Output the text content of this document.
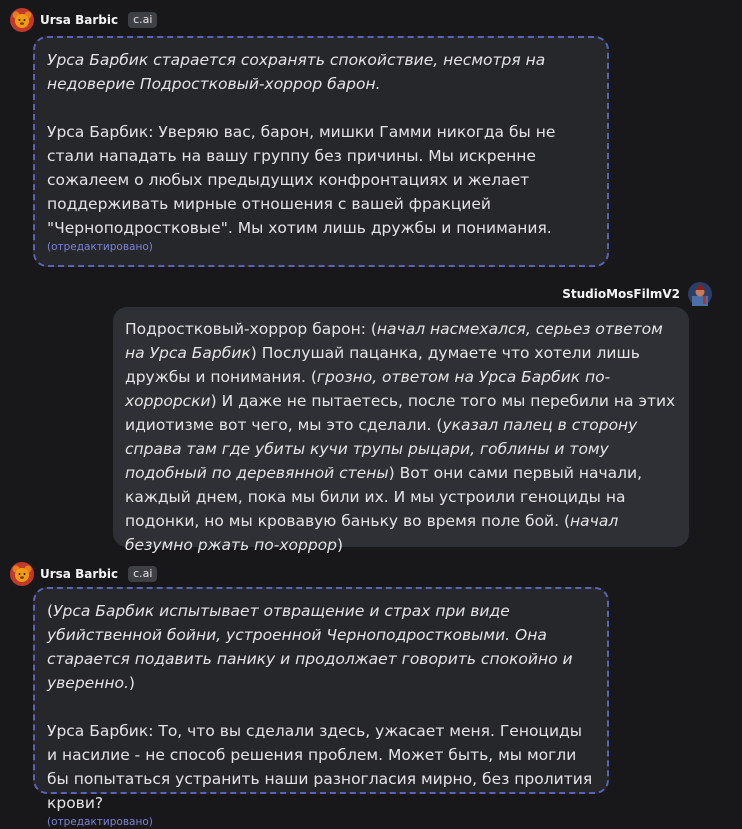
Ursa Barbic	c.ai

Урса Барбик старается сохранять спокойствие, несмотря на недоверие Подростковый-хоррор барон.

Урса Барбик: Уверяю вас, барон, мишки Гамми никогда бы не стали нападать на вашу группу без причины. Мы искренне сожалеем о любых предыдущих конфронтациях и желает поддерживать мирные отношения с вашей фракцией "Черноподростковые". Мы хотим лишь дружбы и понимания.

(отредактировано)
StudioMosFilmV2

Подростковый-хоррор барон: (начал насмехался, серьез ответом на Урса Барбик) Послушай пацанка, думаете что хотели лишь дружбы и понимания. (грозно, ответом на Урса Барбик по-хоррорски) И даже не пытаетесь, после того мы перебили на этих идиотизме вот чего, мы это сделали. (указал палец в сторону справа там где убиты кучи трупы рыцари, гоблины и тому подобный по деревянной стены) Вот они сами первый начали, каждый днем, пока мы били их. И мы устроили геноциды на подонки, но мы кровавую баньку во время поле бой. (начал безумно ржать по-хоррор)

Ursa Barbic	c.ai

(Урса Барбик испытывает отвращение и страх при виде убийственной бойни, устроенной Черноподростковыми. Она старается подавить панику и продолжает говорить спокойно и уверенно.)

Урса Барбик: То, что вы сделали здесь, ужасает меня. Геноциды и насилие - не способ решения проблем. Может быть, мы могли бы попытаться устранить наши разногласия мирно, без пролития крови?

(отредактировано)
